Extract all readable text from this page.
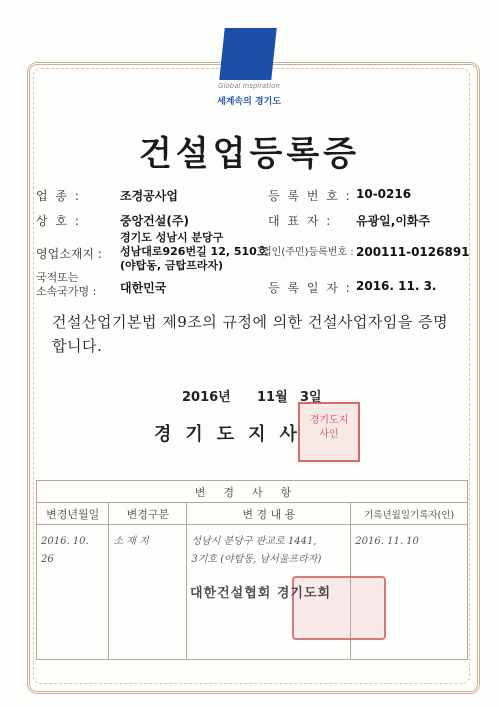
Global Inspiration
세계속의 경기도
건설업등록증
업 종 :	조경공사업	등 록 번 호 : 10-0216
상 호 :	중앙건설(주)	대 표 자 : 유광일,이화주
영업소재지 :
경기도 성남시 분당구
성남대로926번길 12, 510호
(야탑동, 금탑프라자)
법인(주민)등록번호 : 200111-0126891
국적또는
소속국가명 : 대한민국	등 록 일 자 : 2016. 11. 3.
건설산업기본법 제9조의 규정에 의한 건설사업자임을 증명합니다.
2016년 11월 3일
경기도지사
경기도지사인
변경사항			
변경년월일	변경구분	변 경 내 용	기록년월일기록자(인)
2016. 10. 26	소 재 지	성남시 분당구 판교로 1441,
3기호 (야탑동, 남서울프라자)	2016. 11. 10
대한건설협회 경기도회
